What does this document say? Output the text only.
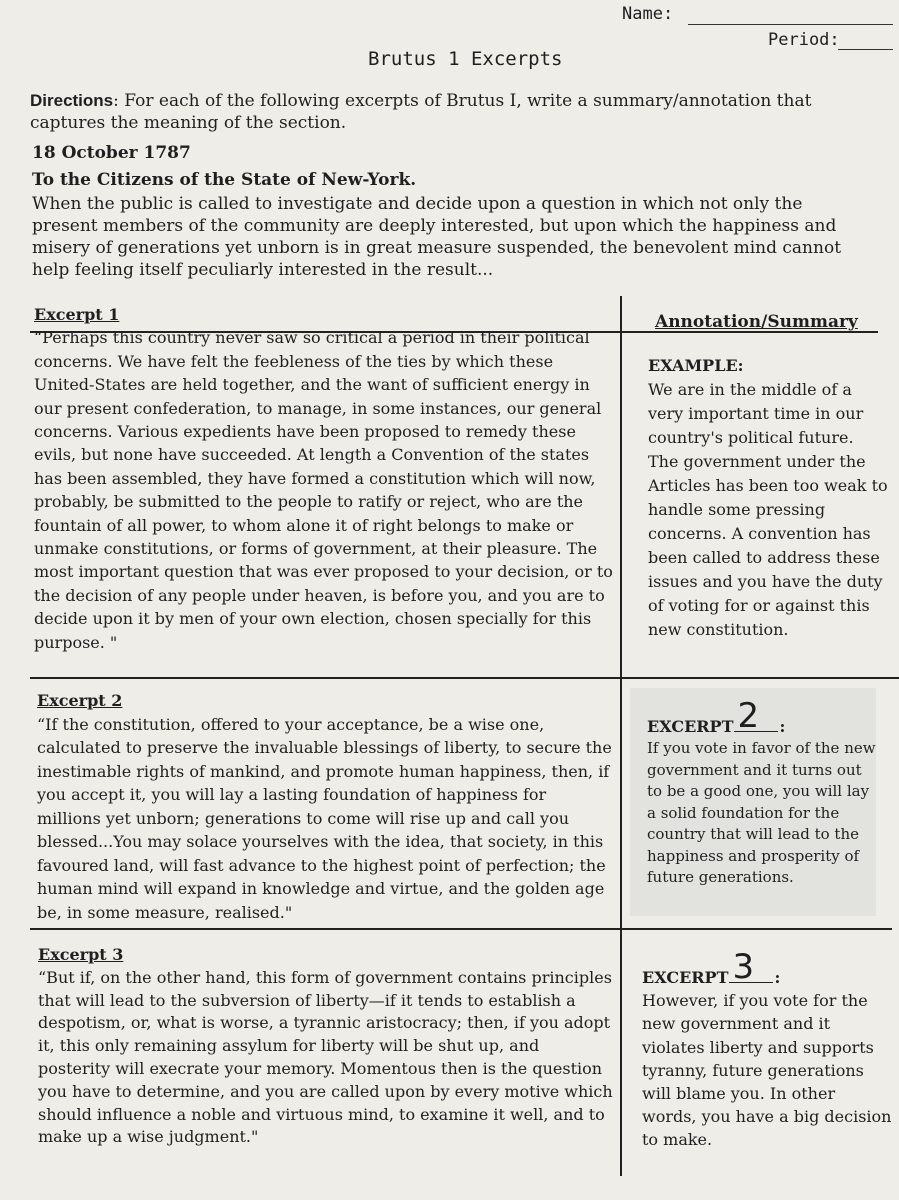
Name:
Period:
Brutus 1 Excerpts
Directions: For each of the following excerpts of Brutus I, write a summary/annotation that captures the meaning of the section.
18 October 1787
To the Citizens of the State of New-York.
When the public is called to investigate and decide upon a question in which not only the present members of the community are deeply interested, but upon which the happiness and misery of generations yet unborn is in great measure suspended, the benevolent mind cannot help feeling itself peculiarly interested in the result...
Annotation/Summary
Excerpt 1
“Perhaps this country never saw so critical a period in their political concerns. We have felt the feebleness of the ties by which these United-States are held together, and the want of sufficient energy in our present confederation, to manage, in some instances, our general concerns. Various expedients have been proposed to remedy these evils, but none have succeeded. At length a Convention of the states has been assembled, they have formed a constitution which will now, probably, be submitted to the people to ratify or reject, who are the fountain of all power, to whom alone it of right belongs to make or unmake constitutions, or forms of government, at their pleasure. The most important question that was ever proposed to your decision, or to the decision of any people under heaven, is before you, and you are to decide upon it by men of your own election, chosen specially for this purpose. "
EXAMPLE:
We are in the middle of a very important time in our country's political future. The government under the Articles has been too weak to handle some pressing concerns. A convention has been called to address these issues and you have the duty of voting for or against this new constitution.
Excerpt 2
“If the constitution, offered to your acceptance, be a wise one, calculated to preserve the invaluable blessings of liberty, to secure the inestimable rights of mankind, and promote human happiness, then, if you accept it, you will lay a lasting foundation of happiness for millions yet unborn; generations to come will rise up and call you blessed...You may solace yourselves with the idea, that society, in this favoured land, will fast advance to the highest point of perfection; the human mind will expand in knowledge and virtue, and the golden age be, in some measure, realised."
EXCERPT 2 :
If you vote in favor of the new government and it turns out to be a good one, you will lay a solid foundation for the country that will lead to the happiness and prosperity of future generations.
Excerpt 3
“But if, on the other hand, this form of government contains principles that will lead to the subversion of liberty—if it tends to establish a despotism, or, what is worse, a tyrannic aristocracy; then, if you adopt it, this only remaining assylum for liberty will be shut up, and posterity will execrate your memory. Momentous then is the question you have to determine, and you are called upon by every motive which should influence a noble and virtuous mind, to examine it well, and to make up a wise judgment."
EXCERPT 3 :
However, if you vote for the new government and it violates liberty and supports tyranny, future generations will blame you. In other words, you have a big decision to make.
